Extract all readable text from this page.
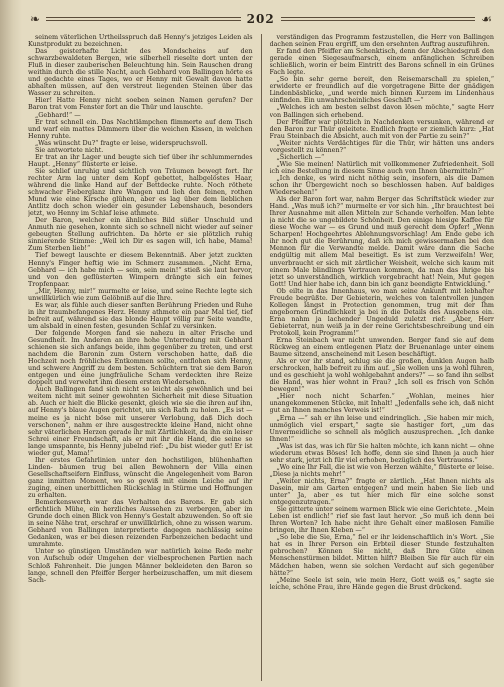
❧	202	☙

seinem väterlichen Urtheilsspruch daß Henny's jetziges Leiden als Kunstprodukt zu bezeichnen.

Das geisterhafte Licht des Mondscheins auf den schwarzbewaldeten Bergen, wie silberhell rieselte dort unten der Fluß in dieser zauberischen Beleuchtung hin. Sein Rauschen drang weithin durch die stille Nacht, auch Gebhard von Ballingen hörte es und gedachte eines Tages, wo er Henny mit Gewalt davon hatte abhalten müssen, auf den verstreut liegenden Steinen über das Wasser zu schreiten.

Hier! Hatte Henny nicht soeben seinen Namen gerufen? Der Baron trat vom Fenster fort an die Thür und lauschte.

„Gebhard!“ —

Er trat schnell ein. Das Nachtlämpchen flimmerte auf dem Tisch und warf ein mattes Dämmern über die weichen Kissen, in welchen Henny ruhte.

„Was wünscht Du?“ fragte er leise, widerspruchsvoll.

Sie antwortete nicht.

Er trat an ihr Lager und beugte sich tief über ihr schlummerndes Haupt. „Henny“ flüsterte er leise.

Sie schlief unruhig und sichtlich von Träumen bewegt fort. Ihr rechter Arm lag unter dem Kopf gebettet, halbgelöstes Haar, während die linke Hand auf der Bettdecke ruhte. Noch röthete schwacher Fieberglanz ihre Wangen und lieh den feinen, rothen Mund wie eine Kirsche glühen, aber es lag über dem lieblichen Antlitz doch schon wieder ein gesunder Lebenshauch, besonders jetzt, wo Henny im Schlaf leise athmete.

Der Baron, welcher ein ähnliches Bild süßer Unschuld und Anmuth nie gesehen, konnte sich so schnell nicht wieder auf seiner gebeugten Stellung aufrichten. Da hörte er sie plötzlich ruhig sinnierende Stimme: „Weil ich Dir es sagen will, ich habe, Mama! Zum Sterben lieb!“

Tief bewegt lauschte er diesem Bekenntniß. Aber jetzt zuckten Henny's Finger heftig wie im Schmerz zusammen. „Nicht Erna, Gebhard — ich habe mich — sein, sein mein!“ stieß sie laut hervor, und von den geflüsterten Wimpern drängte sich ein feines Tropfenpaar.

„Mir, Henny, mir!“ murmelte er leise, und seine Rechte legte sich unwillkürlich wie zum Gelöbniß auf die Ihre.

Es war, als fühle auch dieser sanften Berührung Frieden und Ruhe in ihr traumbefangenes Herz. Henny athmete ein paar Mal tief, tief befreit auf, während sie das blonde Haupt völlig zur Seite wandte, um alsbald in einen festen, gesunden Schlaf zu versinken.

Der folgende Morgen fand sie nahezu in alter Frische und Gesundheit. Im Anderen an ihre hohe Unterredung mit Gebhard schienen sie sich anfangs beide, ihm gegenüber zu treten, und erst nachdem die Baronin zum Ostern verschoben hatte, daß die Hochzeit noch fröhliches Entkommen sollte, entflohen sich Henny, und schwere Angriff zu dem besten. Schüchtern trat sie dem Baron entgegen und eine jungfräuliche Scham verdeckten ihre Reize doppelt und verwehrt ihm diesem ersten Wiedersehen.

Auch Ballingen fand sich nicht so leicht als gewöhnlich und bei weitem nicht mit seiner gewohnten Sicherheit mit diese Situation ab. Auch er hielt die Blicke gesenkt, gleich wie sie die ihren auf ihn, auf Henny's blaue Augen gerichtet, um sich Rath zu holen. „Es ist — meine es ja nicht böse mit unserer Verlobung, daß Dich doch verschonen“, nahm er ihre ausgestreckte kleine Hand, nicht ohne sehr väterlichen Herzen gerade ihr mit Zärtlichkeit, da ihn ein leiser Schrei einer Freundschaft, als er mit ihr die Hand, die seine so lange umspannte, bis Henny jubelnd rief: „Du bist wieder gut! Er ist wieder gut, Mama!“

Ihr erstes Gefahrlinien unter den hochstiligen, blühenhaften Linden- bäumen trug bei allen Bewohnern der Villa einen Gesellschaftseifern Einfluss, wünscht die Angelegenheit vom Baron ganz inmitten Moment, wo so gewiß mit einem Leiche auf ihr zuging, einen unerbittlichen Rückschlag in Stürme und Hoffnungen zu erhalten.

Bemerkenswerth war das Verhalten des Barons. Er gab sich erfichtlich Mühe, ein herzliches Aussehen zu verbergen, aber im Grunde doch einen Blick von Henny's Gestalt abzuwenden. So oft sie in seine Nähe trat, erschraf er unwillkürlich, ohne zu wissen warum. Gebhard von Ballingen interpretierte dagegen nachlässig seine Gedanken, was er bei diesen reizenden Farbenzeichen bedacht und umrahmte.

Unter so günstigen Umständen war natürlich keine Rede mehr von Aufschub oder Umgehen der vielbesprochenen Partien nach Schloß Fahrenheit. Die jungen Männer bekleideten den Baron so lange, schnell den Pfeiffer Berger herbeizuschaffen, um mit diesem Sach-

verständigen das Programm festzustellen, die Herr von Ballingen dachen seinen Frau ergriff, um den ersehnten Auftrag auszuführen.

Er fand den Pfeiffer am Schenktisch, denn der Abschiedsgruß den gerade einen Siegesaufmarsch, einem anfänglichen Schreiben schließlich, worin er beim Eintritt des Barons schnell in ein Grünes Fach legte.

„So bin sehr gerne bereit, den Reisemarschall zu spielen,“ erwiderte er freundlich auf die vorgetragene Bitte der gnädigen Lindenbäsblicke, „und werde mich binnen Kurzem im Lindenhaus einfinden. Ein unwahrscheinliches Geschäft —“

„Welches ich am besten selbst davon lösen möchte,“ sagte Herr von Ballingen sich erhebend.

Der Pfeiffer war plötzlich in Nachdenken versunken, während er den Baron zur Thür geleitete. Endlich fragte er ziemlich kurz: „Hat Frau Steinbach die Absicht, auch mit von der Partie zu sein?“

„Weiter nichts Verdächtiges für die Thür, wir hätten uns anders vorgestellt zu können?“

„Sicherlich —“

„Wie Sie meinen! Natürlich mit vollkommener Zufriedenheit. Soll ich eine Bestellung in diesem Sinne auch von Ihnen übermitteln?“

„Ich denke, es wird nicht nöthig sein, insofern, als die Damen schon ihr Übergewicht noch so beschlossen haben. Auf baldiges Wiedersehen!“

Als der Baron fort war, nahm Berger das Schriftstück wieder zur Hand. „Was muß ich?“ murmelte er vor sich hin. „Ihr brauchtest bei Ihrer Ausnahme mit allen Mitteln zur Schande verholfen. Man lebte ja nicht die so ungebildete Schönheit. Den einige hiesige Kaffee für diese Woche war — es Grund und muß gerecht dem Opfer! „Wenn Scharpen! Hochgeehrtes Ablehnungsvorschlag! Am Ende gebe ich ihr noch gut die Berührung, daß ich mich gewissermaßen bei den Mennon für die Verwandte melde. Damit wäre dann die Sache endgültig mit allem Mal beseitigt. Es ist zum Verzweifeln! Wer, unverbraucht er sich mit zärtlicher Weisheit, welche sich kaum mit einem Male blindlings Vertrauen kommen, da man das ihrige bis jetzt so unverständlich, wirklich vorgebracht hat! Nein, Mut gegen Gott! Und hier habe ich, dann bin ich ganz beendigte Entwicklung.“

Ob eilte in das Innenhaus, wo man seine Ankunft mit lebhafter Freude begrüßte. Der Gebieterin, welches von talentvollen jungen Kollegen längst in Protection genommen, trug mit der Ihm angebornen Gründlichkeit ja bei in die Details des Ausgebens ein. Erna nahm ja lachender Ungeduld zuletzt rief: „Aber, Herr Gebieterrat, nun weiß ja in der reine Gerichtsbeschreibung und ein Protokoll, kein Programm!“

Erna Steinbach war nicht unwenden. Berger fand sie auf dem Rückweg an einem entlegenen Platz der Bruenanlage unter einem Baume sitzend, anscheinend mit Lesen beschäftigt.

Als er vor ihr stand, schlug sie die großen, dunklen Augen halb erschrocken, halb befreit zu ihm auf. „Sie wollen uns ja wohl führen, und es geschieht ja wohl wohlgebahnt anders?“ — so fand ihn selbst die Hand, was hier wohnt in Frau? „Ich soll es frisch von Schön bewegen!“

„Hier noch nicht Scharfen.“ „Wohlan, meines hier unangekommenen Stücke, mit Inhalt! „Jedenfalls sehe ich, daß nicht gut an Ihnen manches Verweis ist!“

„Erna —“ sah er ihn leise und eindringlich. „Sie haben mir mich, unmöglich viel erspart,“ sagte sie hastiger fort, „um das Unvermeidliche so schnell als möglich auszusprechen. „Ich danke Ihnen!“

„Was ist das, was ich für Sie halten möchte, ich kann nicht — ohne wiederum etwas Böses! Ich hoffe, denn sie sind Ihnen ja auch hier sehr stark, jetzt ich für viel erhoben, bezüglich des Vertrauens.“

„Wo eine Ihr Fall, die ist wie von Herzen wählte,“ flüsterte er leise. „Diese ja nichts mehr!“

„Weiter nichts, Erna?“ fragte er zärtlich. „Hat Ihnen nichts als Dasein, mir am Garten entgegen? und mein haben Sie lieb und unter“ Ja, aber es tut hier mich für eine solche sonst entgegenzutragen.“

Sie gitterte unter seinem warmen Blick wie eine Gerichtete. „Mein Leben ist endlich!“ rief sie fast laut hervor. „So muß ich denn bei Ihren Worten? Ich habe nicht ihre Gehalt einer maßlosen Familie bringen, ihr Ihnen Kleben —“

„So lebe die Sie, Erna,“ fiel er ihr leidenschaftlich in's Wort. „Sie hat es in Ihrer Person ein Erbteil dieser Stunde festzuhalten gebrochen? Können Sie nicht, daß Ihre Güte einen Menschenstürmen bildet. Mitten hilft? Bleiben Sie für auch für ein Mädchen haben, wenn sie solchen Verdacht auf sich gegenüber hätte?“

„Meine Seele ist sein, wie mein Herz, Gott weiß es,“ sagte sie leiche, schöne Frau, ihre Hände gegen die Brust drückend.
